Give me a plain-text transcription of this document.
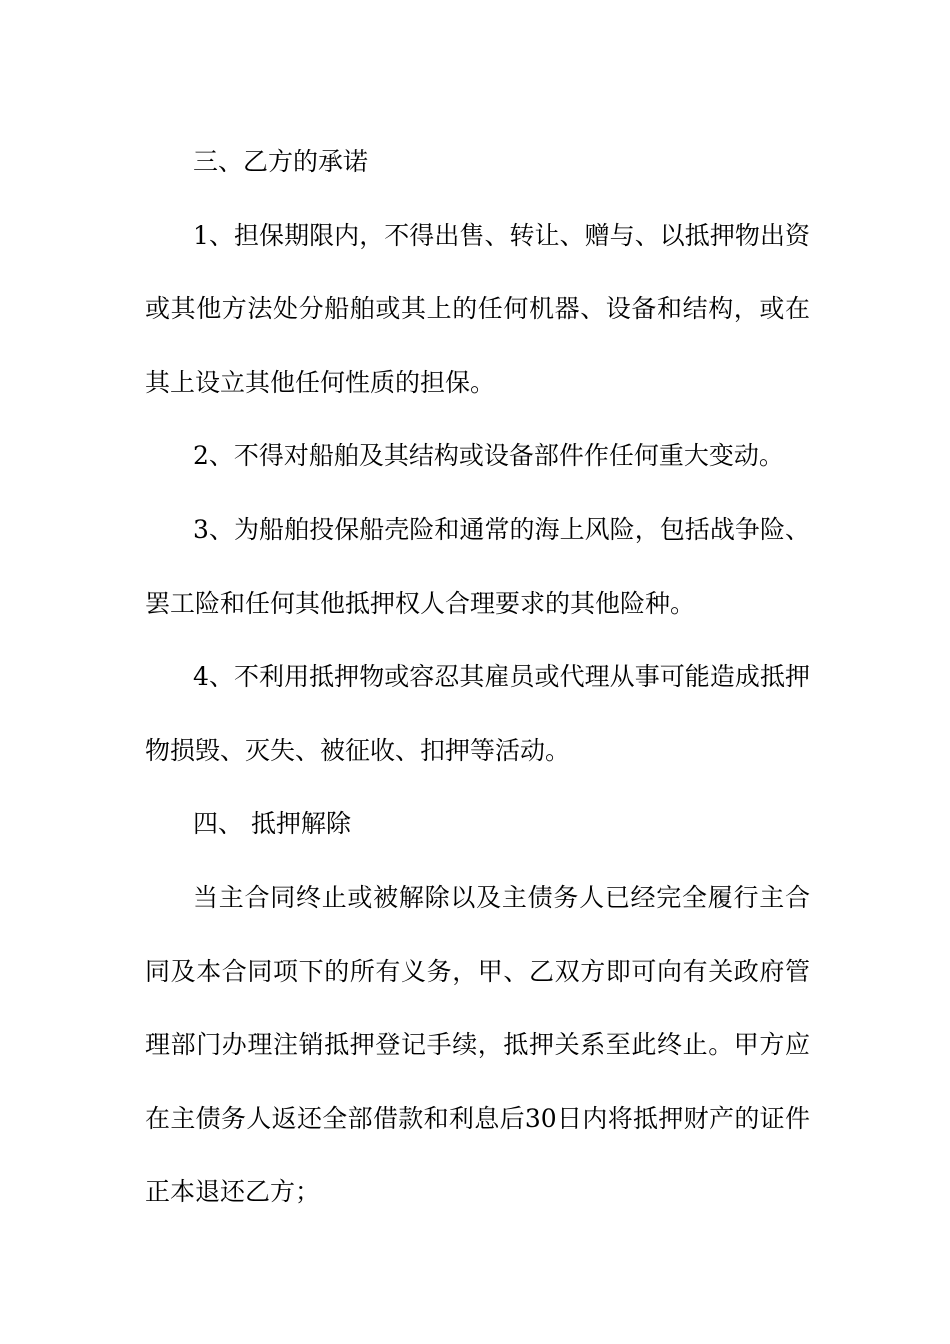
三、乙方的承诺

1、担保期限内，不得出售、转让、赠与、以抵押物出资或其他方法处分船舶或其上的任何机器、设备和结构，或在其上设立其他任何性质的担保。

2、不得对船舶及其结构或设备部件作任何重大变动。

3、为船舶投保船壳险和通常的海上风险，包括战争险、罢工险和任何其他抵押权人合理要求的其他险种。

4、不利用抵押物或容忍其雇员或代理从事可能造成抵押物损毁、灭失、被征收、扣押等活动。

四、 抵押解除

当主合同终止或被解除以及主债务人已经完全履行主合同及本合同项下的所有义务，甲、乙双方即可向有关政府管理部门办理注销抵押登记手续，抵押关系至此终止。甲方应在主债务人返还全部借款和利息后30日内将抵押财产的证件正本退还乙方；
